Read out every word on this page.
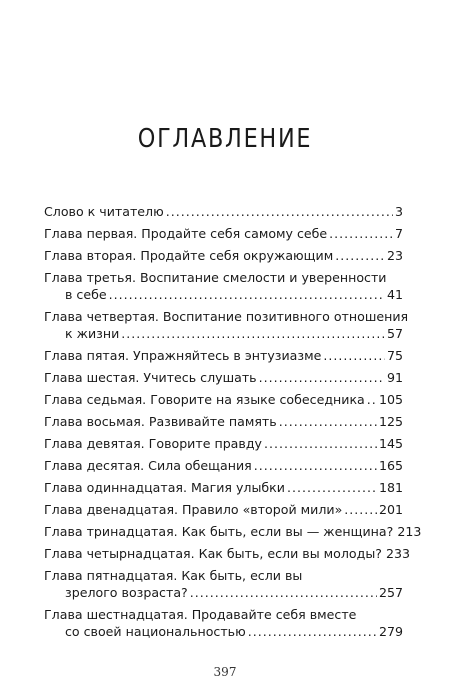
ОГЛАВЛЕНИЕ
Слово к читателю .....	3
Глава первая. Продайте себя самому себе .....	7
Глава вторая. Продайте себя окружающим .....	23
Глава третья. Воспитание смелости и уверенности
в себе .....	41
Глава четвертая. Воспитание позитивного отношения
к жизни .....	57
Глава пятая. Упражняйтесь в энтузиазме .....	75
Глава шестая. Учитесь слушать .....	91
Глава седьмая. Говорите на языке собеседника ..... 105
Глава восьмая. Развивайте память .....	125
Глава девятая. Говорите правду .....	145
Глава десятая. Сила обещания .....	165
Глава одиннадцатая. Магия улыбки .....	181
Глава двенадцатая. Правило «второй мили» .....	201
Глава тринадцатая. Как быть, если вы — женщина? 213
Глава четырнадцатая. Как быть, если вы молоды? 233
Глава пятнадцатая. Как быть, если вы
зрелого возраста? .....	257
Глава шестнадцатая. Продавайте себя вместе
со своей национальностью .....	279
397
